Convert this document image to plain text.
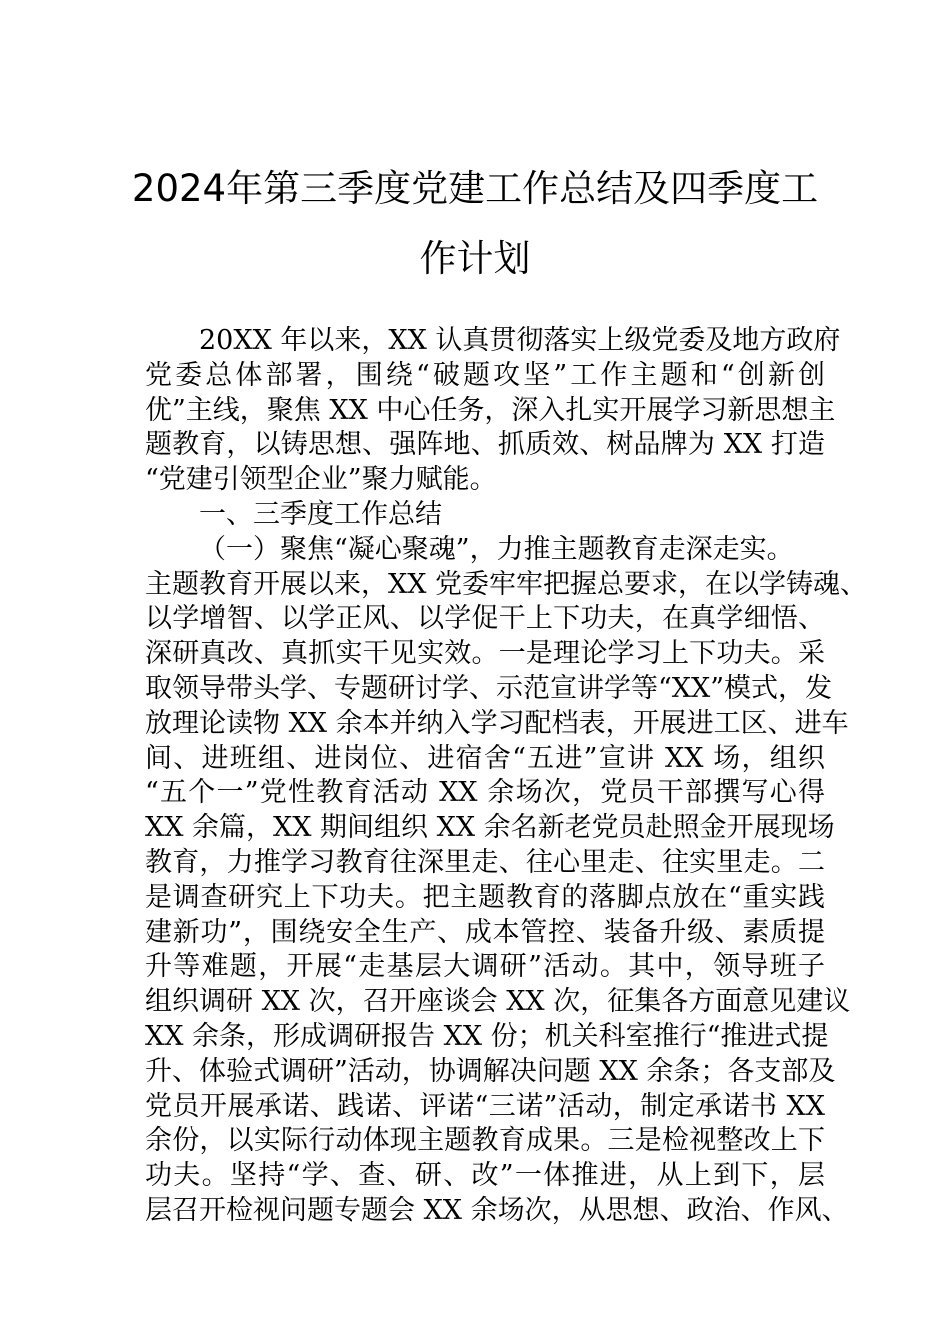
2024年第三季度党建工作总结及四季度工
作计划
20XX 年以来，XX 认真贯彻落实上级党委及地方政府
党委总体部署，围绕“破题攻坚”工作主题和“创新创
优”主线，聚焦 XX 中心任务，深入扎实开展学习新思想主
题教育，以铸思想、强阵地、抓质效、树品牌为 XX 打造
“党建引领型企业”聚力赋能。
一、三季度工作总结
（一）聚焦“凝心聚魂”，力推主题教育走深走实。
主题教育开展以来，XX 党委牢牢把握总要求，在以学铸魂、
以学增智、以学正风、以学促干上下功夫，在真学细悟、
深研真改、真抓实干见实效。一是理论学习上下功夫。采
取领导带头学、专题研讨学、示范宣讲学等“XX”模式，发
放理论读物 XX 余本并纳入学习配档表，开展进工区、进车
间、进班组、进岗位、进宿舍“五进”宣讲 XX 场，组织
“五个一”党性教育活动 XX 余场次，党员干部撰写心得
XX 余篇，XX 期间组织 XX 余名新老党员赴照金开展现场
教育，力推学习教育往深里走、往心里走、往实里走。二
是调查研究上下功夫。把主题教育的落脚点放在“重实践
建新功”，围绕安全生产、成本管控、装备升级、素质提
升等难题，开展“走基层大调研”活动。其中，领导班子
组织调研 XX 次，召开座谈会 XX 次，征集各方面意见建议
XX 余条，形成调研报告 XX 份；机关科室推行“推进式提
升、体验式调研”活动，协调解决问题 XX 余条；各支部及
党员开展承诺、践诺、评诺“三诺”活动，制定承诺书 XX
余份，以实际行动体现主题教育成果。三是检视整改上下
功夫。坚持“学、查、研、改”一体推进，从上到下，层
层召开检视问题专题会 XX 余场次，从思想、政治、作风、
